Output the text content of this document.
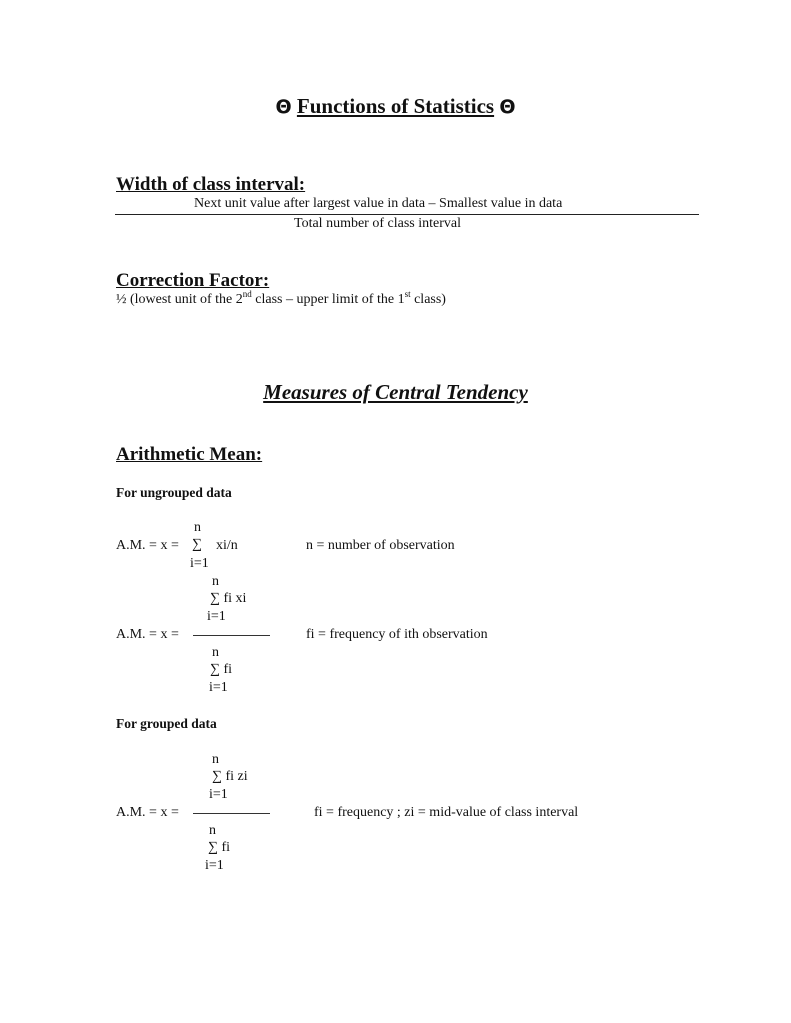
Θ Functions of Statistics Θ
Width of class interval:
Next unit value after largest value in data – Smallest value in data
Total number of class interval
Correction Factor:
½ (lowest unit of the 2nd class – upper limit of the 1st class)
Measures of Central Tendency
Arithmetic Mean:
For ungrouped data
n
A.M. = x = ∑ xi/n	n = number of observation
i=1
n
∑ fi xi
i=1
A.M. = x =	fi = frequency of ith observation
n
∑ fi
i=1
For grouped data
n
∑ fi zi
i=1
A.M. = x =	fi = frequency ; zi = mid-value of class interval
n
∑ fi
i=1
